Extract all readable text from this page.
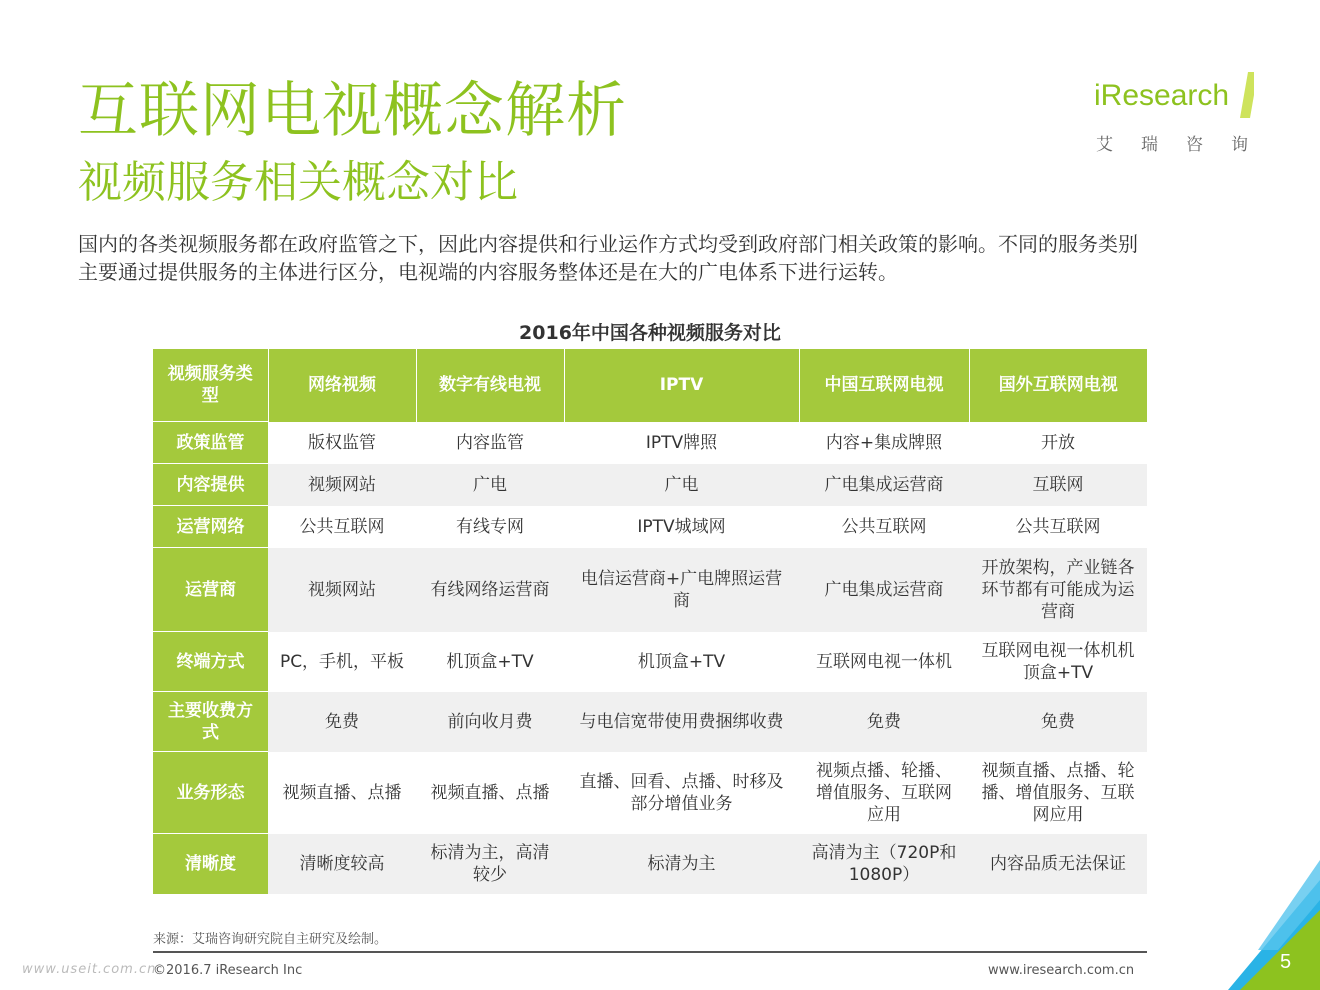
互联网电视概念解析
视频服务相关概念对比
iResearch
艾瑞咨询

国内的各类视频服务都在政府监管之下，因此内容提供和行业运作方式均受到政府部门相关政策的影响。不同的服务类别

主要通过提供服务的主体进行区分，电视端的内容服务整体还是在大的广电体系下进行运转。

2016年中国各种视频服务对比
视频服务类型	网络视频	数字有线电视	IPTV	中国互联网电视	国外互联网电视
政策监管	版权监管	内容监管	IPTV牌照	内容+集成牌照	开放
内容提供	视频网站	广电	广电	广电集成运营商	互联网
运营网络	公共互联网	有线专网	IPTV城域网	公共互联网	公共互联网
运营商	视频网站	有线网络运营商	电信运营商+广电牌照运营商	广电集成运营商	开放架构，产业链各环节都有可能成为运营商
终端方式	PC，手机，平板	机顶盒+TV	机顶盒+TV	互联网电视一体机	互联网电视一体机机顶盒+TV
主要收费方式	免费	前向收月费	与电信宽带使用费捆绑收费	免费	免费
业务形态	视频直播、点播	视频直播、点播	直播、回看、点播、时移及部分增值业务	视频点播、轮播、增值服务、互联网应用	视频直播、点播、轮播、增值服务、互联网应用
清晰度	清晰度较高	标清为主，高清较少	标清为主	高清为主（720P和1080P）	内容品质无法保证
来源：艾瑞咨询研究院自主研究及绘制。
www.useit.com.cn
©2016.7 iResearch Inc	www.iresearch.com.cn	5
